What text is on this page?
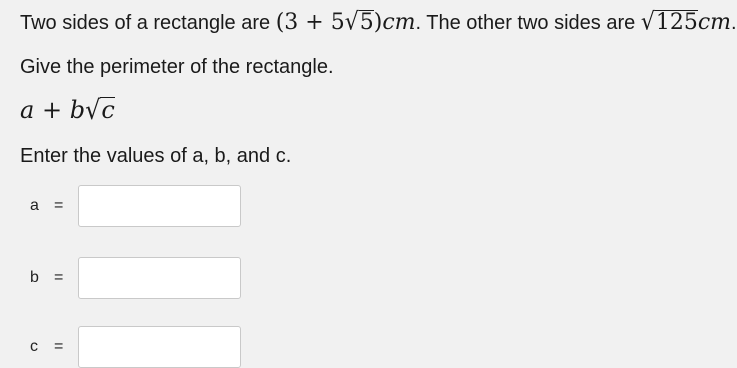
Two sides of a rectangle are (3 + 5√5)cm. The other two sides are √125cm.
Give the perimeter of the rectangle.
a + b√c
Enter the values of a, b, and c.
a =
b =
c	=
